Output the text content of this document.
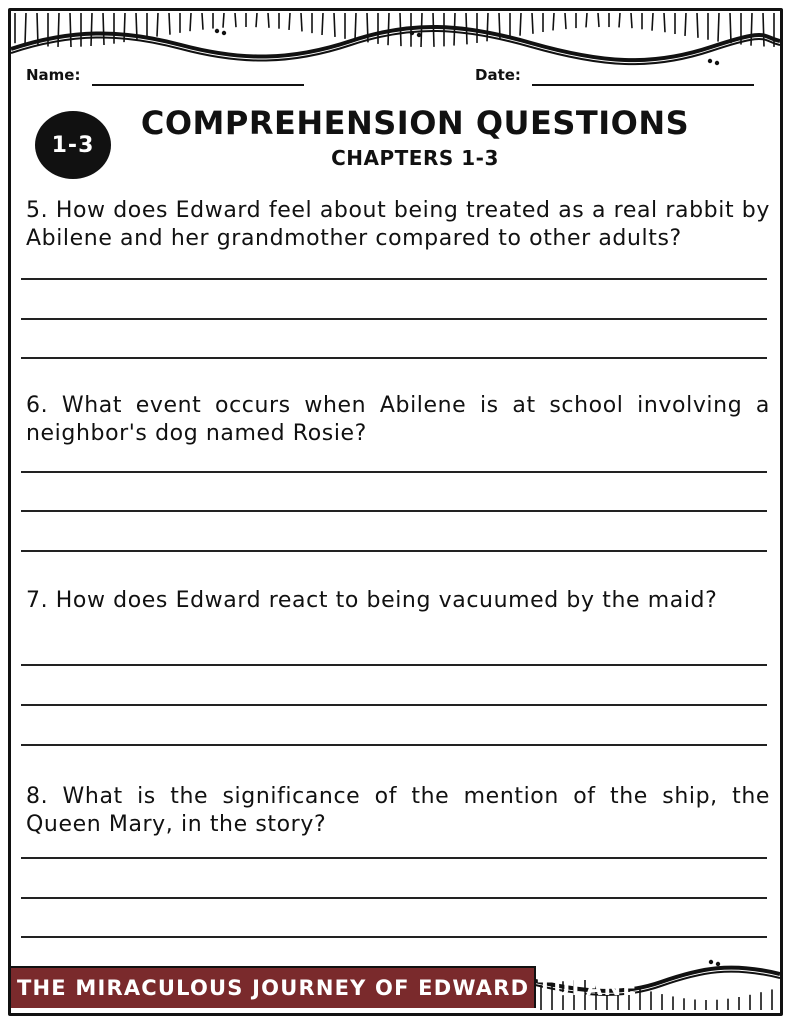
Name:	Date:
1-3
COMPREHENSION QUESTIONS
CHAPTERS 1-3
5. How does Edward feel about being treated as a real rabbit by Abilene and her grandmother compared to other adults?
6. What event occurs when Abilene is at school involving a neighbor's dog named Rosie?
7. How does Edward react to being vacuumed by the maid?
8. What is the significance of the mention of the ship, the Queen Mary, in the story?
THE MIRACULOUS JOURNEY OF EDWARD TULANE
